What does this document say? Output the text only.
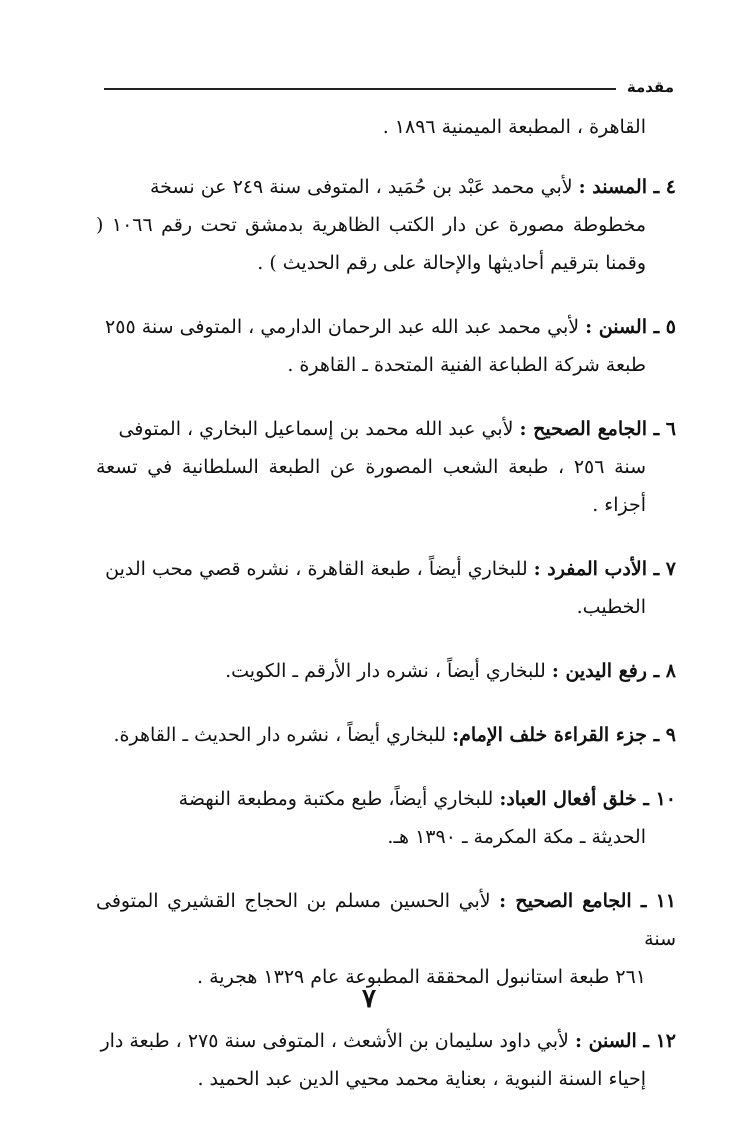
مقدمة

القاهرة ، المطبعة الميمنية ١٨٩٦ .

٤ ـ المسند : لأبي محمد عَبْد بن حُمَيد ، المتوفى سنة ٢٤٩ عن نسخة
مخطوطة مصورة عن دار الكتب الظاهرية بدمشق تحت رقم ١٠٦٦ ( وقمنا بترقيم أحاديثها والإحالة على رقم الحديث ) .

٥ ـ السنن : لأبي محمد عبد الله عبد الرحمان الدارمي ، المتوفى سنة ٢٥٥
طبعة شركة الطباعة الفنية المتحدة ـ القاهرة .

٦ ـ الجامع الصحيح : لأبي عبد الله محمد بن إسماعيل البخاري ، المتوفى
سنة ٢٥٦ ، طبعة الشعب المصورة عن الطبعة السلطانية في تسعة أجزاء .

٧ ـ الأدب المفرد : للبخاري أيضاً ، طبعة القاهرة ، نشره قصي محب الدين
الخطيب.

٨ ـ رفع اليدين : للبخاري أيضاً ، نشره دار الأرقم ـ الكويت.

٩ ـ جزء القراءة خلف الإمام: للبخاري أيضاً ، نشره دار الحديث ـ القاهرة.

١٠ ـ خلق أفعال العباد: للبخاري أيضاً، طبع مكتبة ومطبعة النهضة
الحديثة ـ مكة المكرمة ـ ١٣٩٠ هـ.

١١ ـ الجامع الصحيح : لأبي الحسين مسلم بن الحجاج القشيري المتوفى سنة
٢٦١ طبعة استانبول المحققة المطبوعة عام ١٣٢٩ هجرية .

١٢ ـ السنن : لأبي داود سليمان بن الأشعث ، المتوفى سنة ٢٧٥ ، طبعة دار
إحياء السنة النبوية ، بعناية محمد محيي الدين عبد الحميد .

٧
